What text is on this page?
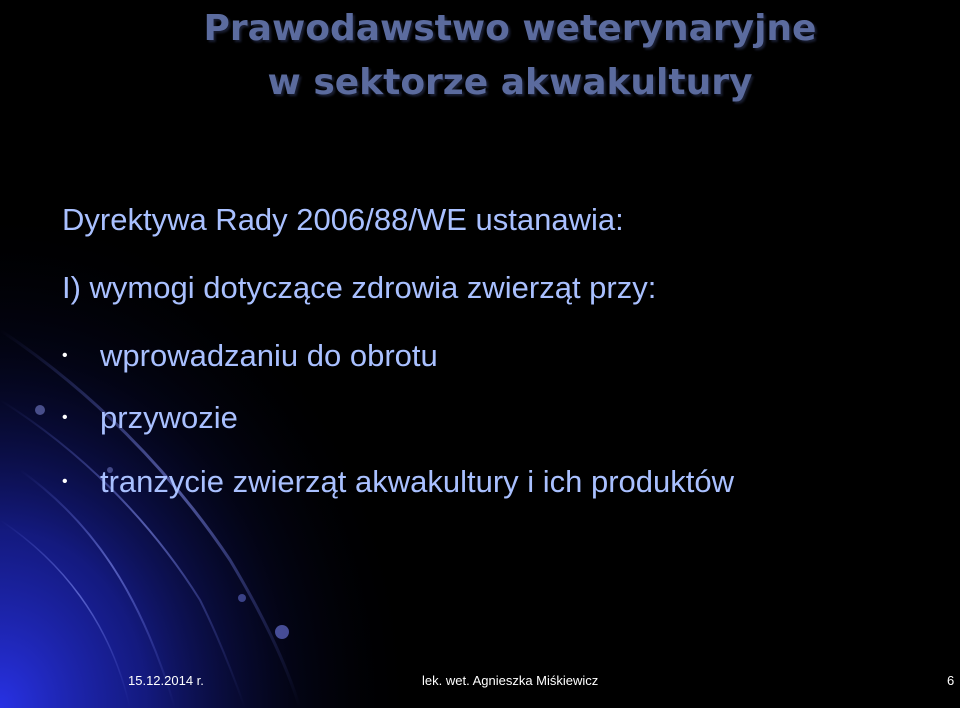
Prawodawstwo weterynaryjne
w sektorze akwakultury
Dyrektywa Rady 2006/88/WE ustanawia:
I) wymogi dotyczące zdrowia zwierząt przy:
• wprowadzaniu do obrotu
• przywozie
• tranzycie zwierząt akwakultury i ich produktów
15.12.2014 r.	lek. wet. Agnieszka Miśkiewicz	6
